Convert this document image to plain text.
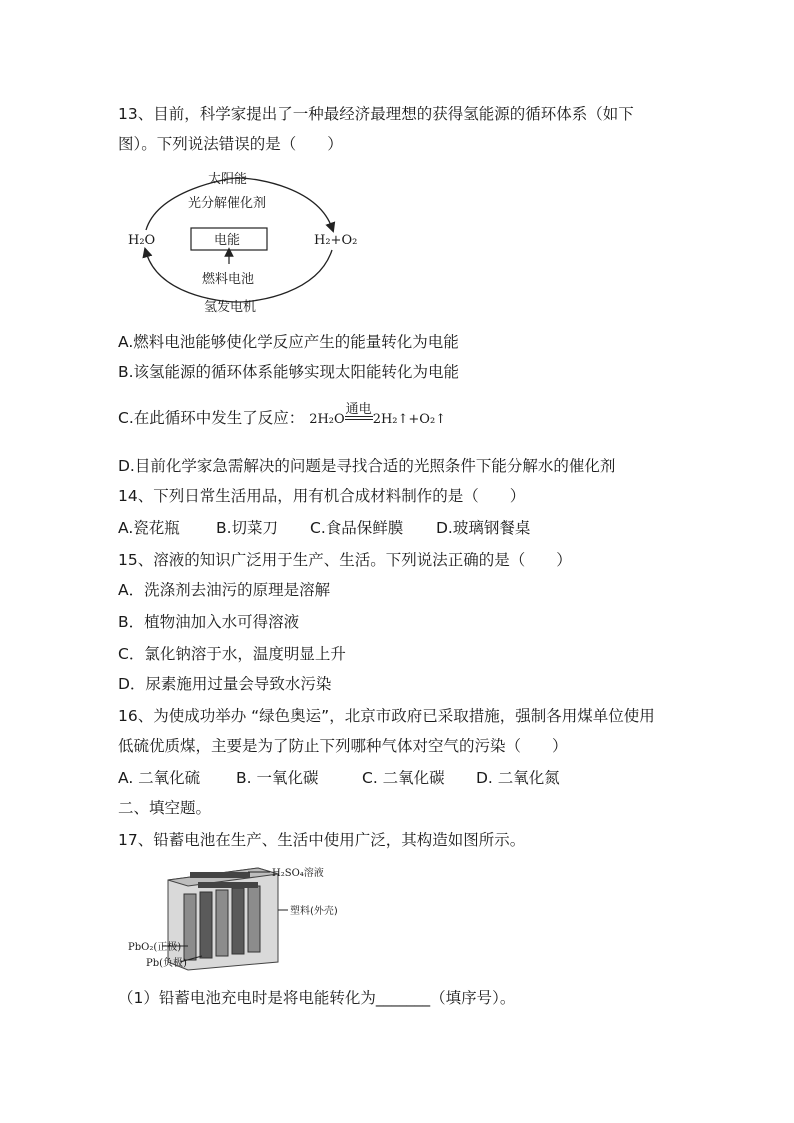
13、目前，科学家提出了一种最经济最理想的获得氢能源的循环体系（如下
图）。下列说法错误的是（　　）
太阳能
光分解催化剂
H₂O	电能	H₂+O₂
燃料电池
氢发电机
A.燃料电池能够使化学反应产生的能量转化为电能
B.该氢能源的循环体系能够实现太阳能转化为电能
C.在此循环中发生了反应： 2H₂O
通电
2H₂↑+O₂↑
D.目前化学家急需解决的问题是寻找合适的光照条件下能分解水的催化剂
14、下列日常生活用品，用有机合成材料制作的是（　　）
A.瓷花瓶 B.切菜刀 C.食品保鲜膜 D.玻璃钢餐桌
15、溶液的知识广泛用于生产、生活。下列说法正确的是（　　）
A．洗涤剂去油污的原理是溶解
B．植物油加入水可得溶液
C．氯化钠溶于水，温度明显上升
D．尿素施用过量会导致水污染
16、为使成功举办 “绿色奥运”，北京市政府已采取措施，强制各用煤单位使用
低硫优质煤，主要是为了防止下列哪种气体对空气的污染（　　）
A. 二氧化硫 B. 一氧化碳	C. 二氧化碳 D. 二氧化氮
二、填空题。
17、铅蓄电池在生产、生活中使用广泛，其构造如图所示。
H₂SO₄溶液
塑料(外壳)
PbO₂(正极)
Pb(负极)
（1）铅蓄电池充电时是将电能转化为_______（填序号）。
